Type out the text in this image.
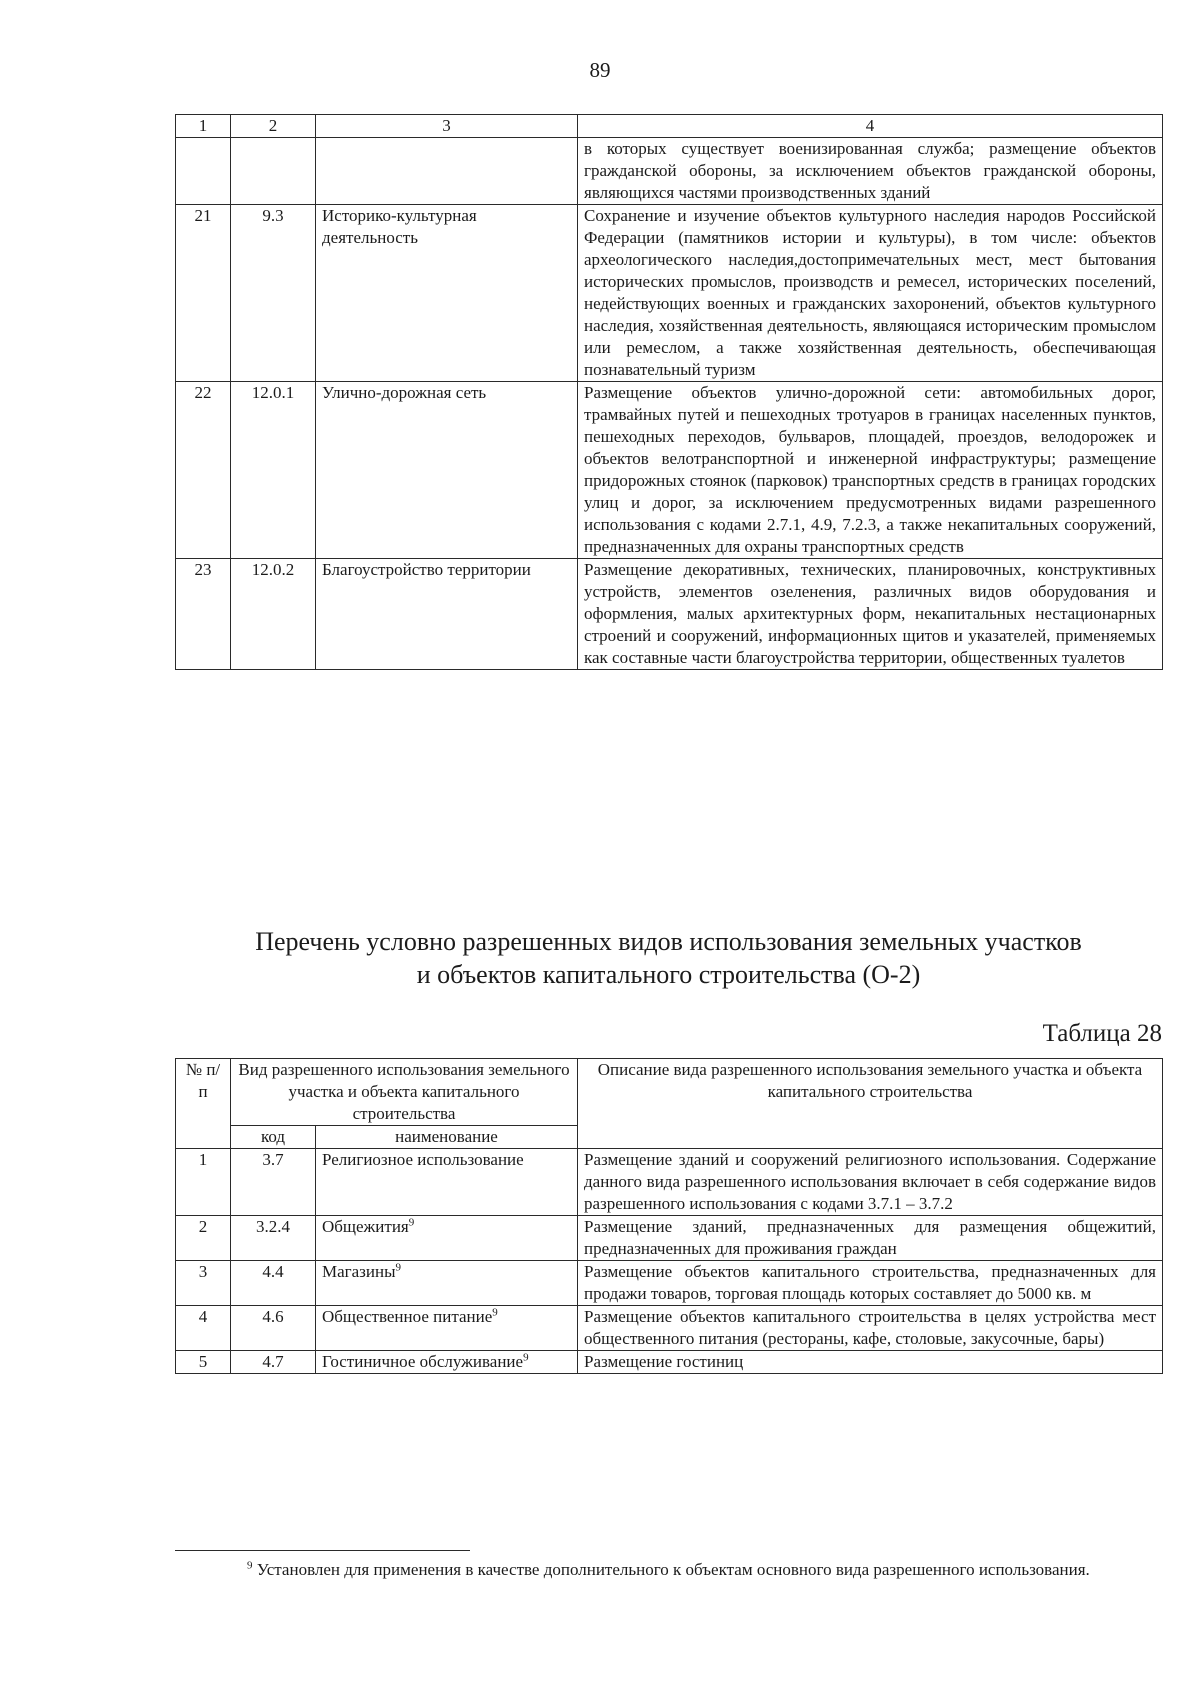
89
1	2	3	4
			в которых существует военизированная служба; размещение объектов гражданской обороны, за исключением объектов гражданской обороны, являющихся частями производственных зданий
21	9.3	Историко-культурная деятельность	Сохранение и изучение объектов культурного наследия народов Российской Федерации (памятников истории и культуры), в том числе: объектов археологического наследия,достопримечательных мест, мест бытования исторических промыслов, производств и ремесел, исторических поселений, недействующих военных и гражданских захоронений, объектов культурного наследия, хозяйственная деятельность, являющаяся историческим промыслом или ремеслом, а также хозяйственная деятельность, обеспечивающая познавательный туризм
22	12.0.1	Улично-дорожная сеть	Размещение объектов улично-дорожной сети: автомобильных дорог, трамвайных путей и пешеходных тротуаров в границах населенных пунктов, пешеходных переходов, бульваров, площадей, проездов, велодорожек и объектов велотранспортной и инженерной инфраструктуры; размещение придорожных стоянок (парковок) транспортных средств в границах городских улиц и дорог, за исключением предусмотренных видами разрешенного использования с кодами 2.7.1, 4.9, 7.2.3, а также некапитальных сооружений, предназначенных для охраны транспортных средств
23	12.0.2	Благоустройство территории	Размещение декоративных, технических, планировочных, конструктивных устройств, элементов озеленения, различных видов оборудования и оформления, малых архитектурных форм, некапитальных нестационарных строений и сооружений, информационных щитов и указателей, применяемых как составные части благоустройства территории, общественных туалетов
Перечень условно разрешенных видов использования земельных участков
и объектов капитального строительства (О-2)
Таблица 28
№ п/п	Вид разрешенного использования земельного участка и объекта капитального строительства		Описание вида разрешенного использования земельного участка и объекта капитального строительства
	код	наименование	
1	3.7	Религиозное использование	Размещение зданий и сооружений религиозного использования. Содержание данного вида разрешенного использования включает в себя содержание видов разрешенного использования с кодами 3.7.1 – 3.7.2
2	3.2.4	Общежития$^9$	Размещение зданий, предназначенных для размещения общежитий, предназначенных для проживания граждан
3	4.4	Магазины$^9$	Размещение объектов капитального строительства, предназначенных для продажи товаров, торговая площадь которых составляет до 5000 кв. м
4	4.6	Общественное питание$^9$	Размещение объектов капитального строительства в целях устройства мест общественного питания (рестораны, кафе, столовые, закусочные, бары)
5	4.7	Гостиничное обслуживание$^9$	Размещение гостиниц
$^9$ Установлен для применения в качестве дополнительного к объектам основного вида разрешенного использования.
